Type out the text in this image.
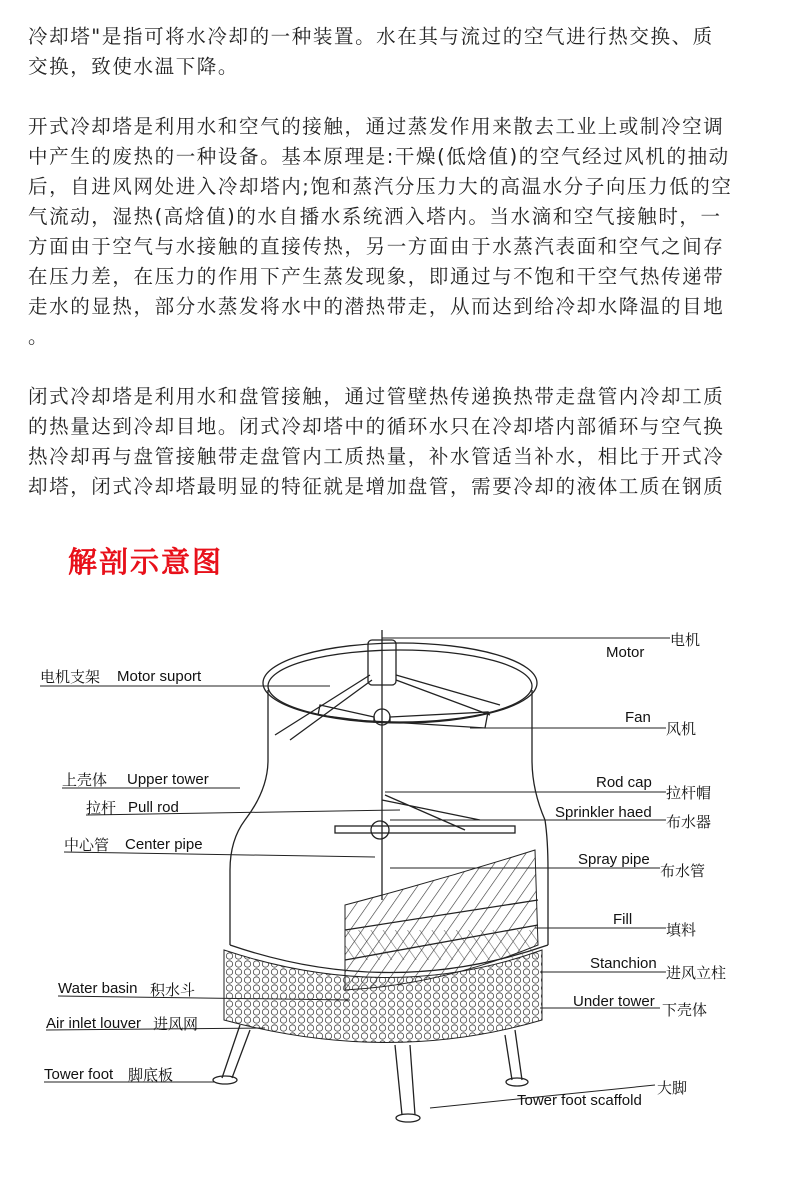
冷却塔"是指可将水冷却的一种装置。水在其与流过的空气进行热交换、质
交换，致使水温下降。
开式冷却塔是利用水和空气的接触，通过蒸发作用来散去工业上或制冷空调
中产生的废热的一种设备。基本原理是:干燥(低焓值)的空气经过风机的抽动
后，自进风网处进入冷却塔内;饱和蒸汽分压力大的高温水分子向压力低的空
气流动，湿热(高焓值)的水自播水系统洒入塔内。当水滴和空气接触时，一
方面由于空气与水接触的直接传热，另一方面由于水蒸汽表面和空气之间存
在压力差，在压力的作用下产生蒸发现象，即通过与不饱和干空气热传递带
走水的显热，部分水蒸发将水中的潜热带走，从而达到给冷却水降温的目地
。
闭式冷却塔是利用水和盘管接触，通过管壁热传递换热带走盘管内冷却工质
的热量达到冷却目地。闭式冷却塔中的循环水只在冷却塔内部循环与空气换
热冷却再与盘管接触带走盘管内工质热量，补水管适当补水，相比于开式冷
却塔，闭式冷却塔最明显的特征就是增加盘管，需要冷却的液体工质在钢质
解剖示意图
电机
Motor
电机支架 Motor suport
Fan
风机
上壳体 Upper tower	Rod cap
拉杆帽
拉杆 Pull rod	Sprinkler haed
布水器
中心管 Center pipe
Spray pipe
布水管
Fill
填料
Stanchion
进风立柱
Water basin 积水斗
Under tower 下壳体
Air inlet louver 进风网
Tower foot 脚底板
Tower foot scaffold
大脚
